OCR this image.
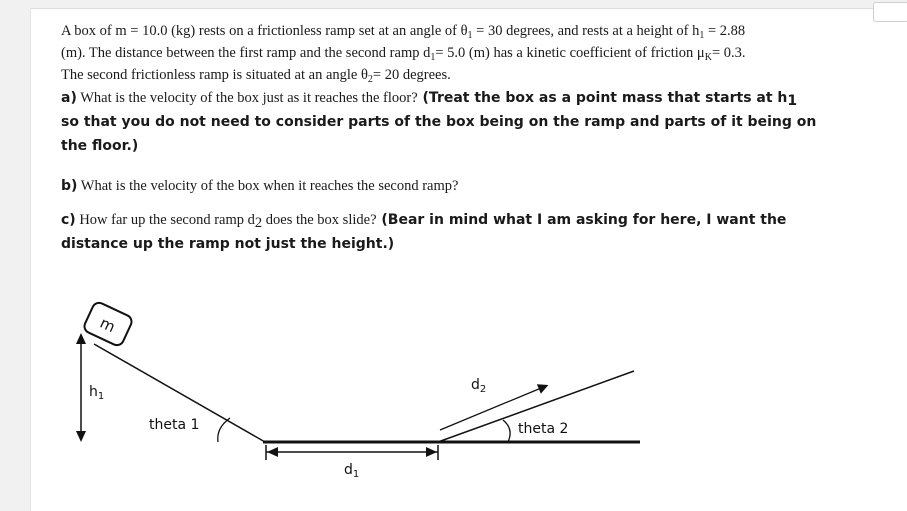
A box of m = 10.0 (kg) rests on a frictionless ramp set at an angle of $\theta_1 = 30$ degrees, and rests at a height of $h_1 = 2.88$
(m). The distance between the first ramp and the second ramp $d_1= 5.0$ (m) has a kinetic coefficient of friction $\mu_K= 0.3$.
The second frictionless ramp is situated at an angle $\theta_2= 20$ degrees.

a) What is the velocity of the box just as it reaches the floor? (Treat the box as a point mass that starts at $h_1$
so that you do not need to consider parts of the box being on the ramp and parts of it being on
the floor.)

b) What is the velocity of the box when it reaches the second ramp?

c) How far up the second ramp $d_2$ does the box slide? (Bear in mind what I am asking for here, I want the
distance up the ramp not just the height.)

m
$h_1$
theta 1
$d_1$
$d_2$
theta 2
